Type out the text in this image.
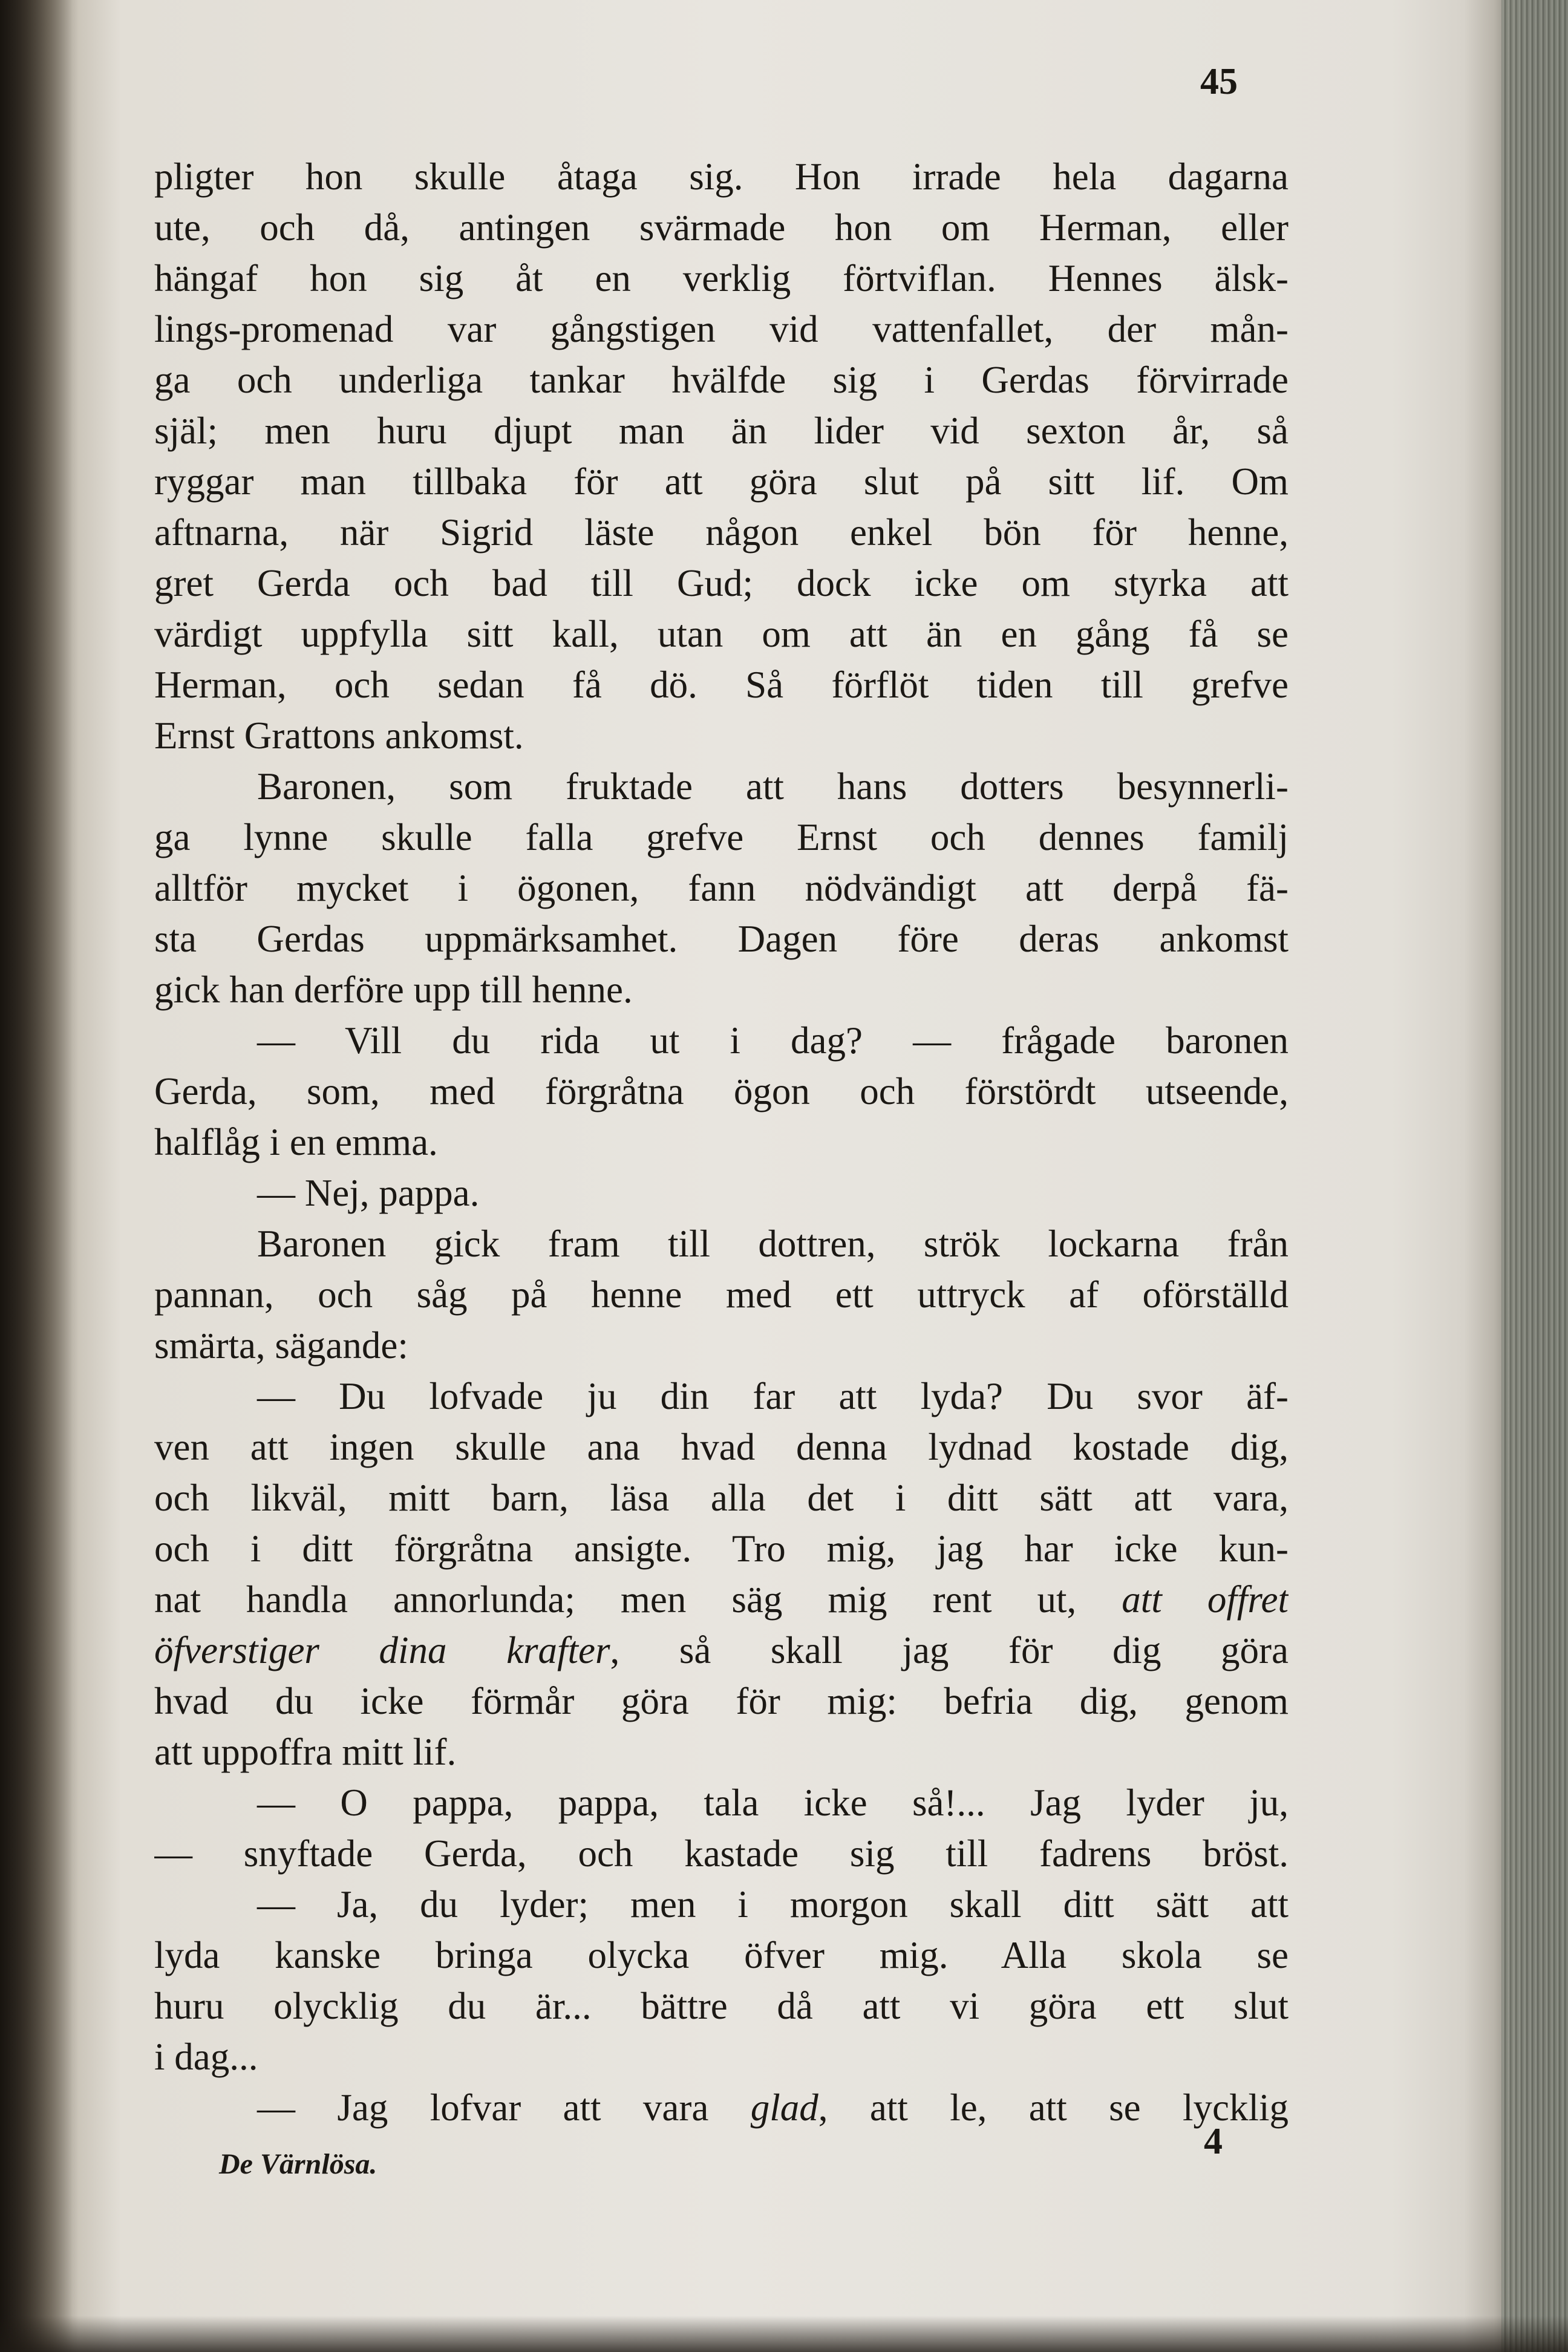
45
pligter hon skulle åtaga sig. Hon irrade hela dagarna
ute, och då, antingen svärmade hon om Herman, eller
hängaf hon sig åt en verklig förtviflan. Hennes älsk-
lings-promenad var gångstigen vid vattenfallet, der mån-
ga och underliga tankar hvälfde sig i Gerdas förvirrade
själ; men huru djupt man än lider vid sexton år, så
ryggar man tillbaka för att göra slut på sitt lif. Om
aftnarna, när Sigrid läste någon enkel bön för henne,
gret Gerda och bad till Gud; dock icke om styrka att
värdigt uppfylla sitt kall, utan om att än en gång få se
Herman, och sedan få dö. Så förflöt tiden till grefve
Ernst Grattons ankomst.
Baronen, som fruktade att hans dotters besynnerli-
ga lynne skulle falla grefve Ernst och dennes familj
alltför mycket i ögonen, fann nödvändigt att derpå fä-
sta Gerdas uppmärksamhet. Dagen före deras ankomst
gick han derföre upp till henne.
— Vill du rida ut i dag? — frågade baronen
Gerda, som, med förgråtna ögon och förstördt utseende,
halflåg i en emma.
— Nej, pappa.
Baronen gick fram till dottren, strök lockarna från
pannan, och såg på henne med ett uttryck af oförställd
smärta, sägande:
— Du lofvade ju din far att lyda? Du svor äf-
ven att ingen skulle ana hvad denna lydnad kostade dig,
och likväl, mitt barn, läsa alla det i ditt sätt att vara,
och i ditt förgråtna ansigte. Tro mig, jag har icke kun-
nat handla annorlunda; men säg mig rent ut, att offret
öfverstiger dina krafter, så skall jag för dig göra
hvad du icke förmår göra för mig: befria dig, genom
att uppoffra mitt lif.
— O pappa, pappa, tala icke så!... Jag lyder ju,
— snyftade Gerda, och kastade sig till fadrens bröst.
— Ja, du lyder; men i morgon skall ditt sätt att
lyda kanske bringa olycka öfver mig. Alla skola se
huru olycklig du är... bättre då att vi göra ett slut
i dag...
— Jag lofvar att vara glad, att le, att se lycklig
De Värnlösa.
4
